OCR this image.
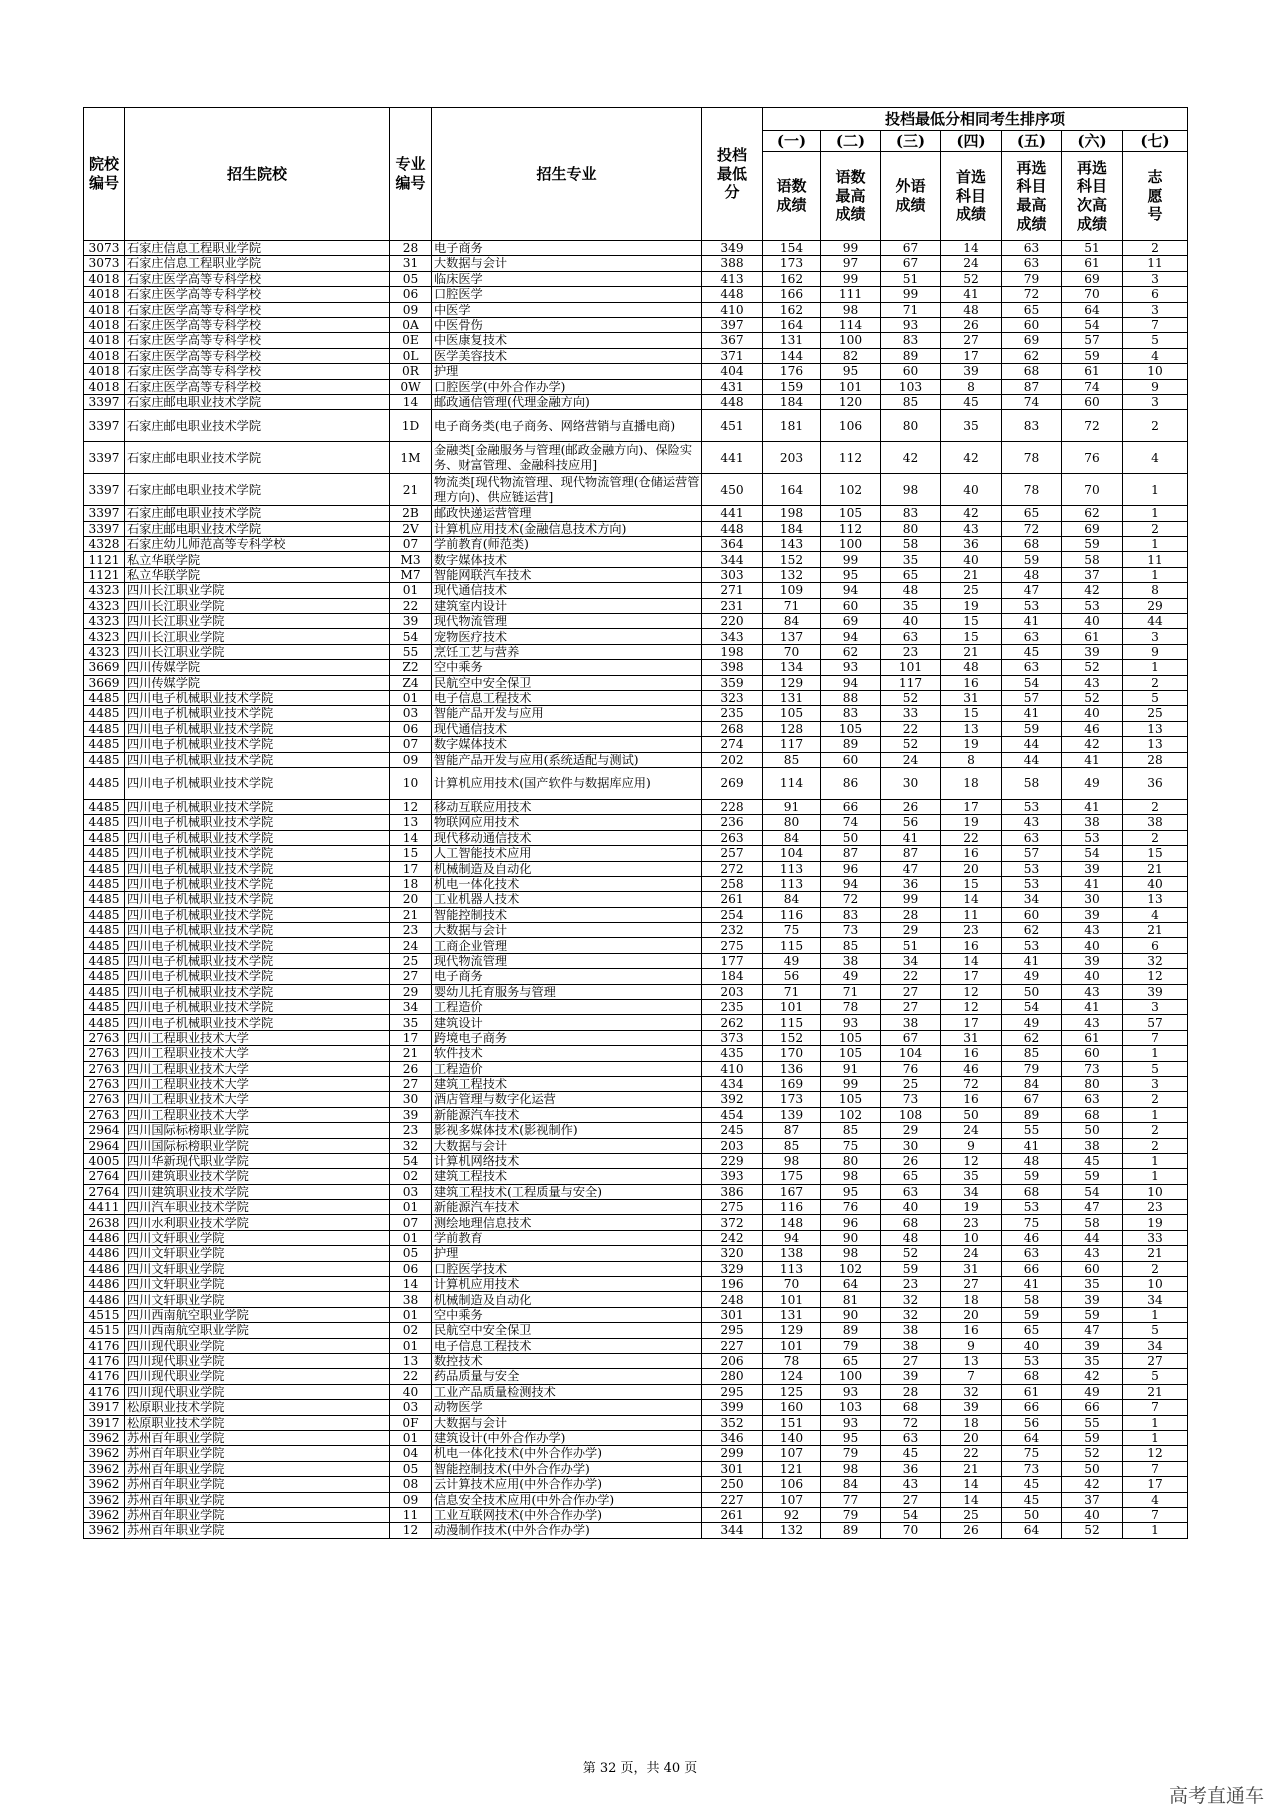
院校编号	招生院校	专业编号	招生专业	投档最低分	投档最低分相同考生排序项						
					(一)	(二)	(三)	(四)	(五)	(六)	(七)
					语数成绩	语数最高成绩	外语成绩	首选科目成绩	再选科目最高成绩	再选科目次高成绩	志愿号
3073	石家庄信息工程职业学院	28	电子商务	349	154	99	67	14	63	51	2
3073	石家庄信息工程职业学院	31	大数据与会计	388	173	97	67	24	63	61	11
4018	石家庄医学高等专科学校	05	临床医学	413	162	99	51	52	79	69	3
4018	石家庄医学高等专科学校	06	口腔医学	448	166	111	99	41	72	70	6
4018	石家庄医学高等专科学校	09	中医学	410	162	98	71	48	65	64	3
4018	石家庄医学高等专科学校	0A	中医骨伤	397	164	114	93	26	60	54	7
4018	石家庄医学高等专科学校	0E	中医康复技术	367	131	100	83	27	69	57	5
4018	石家庄医学高等专科学校	0L	医学美容技术	371	144	82	89	17	62	59	4
4018	石家庄医学高等专科学校	0R	护理	404	176	95	60	39	68	61	10
4018	石家庄医学高等专科学校	0W	口腔医学(中外合作办学)	431	159	101	103	8	87	74	9
3397	石家庄邮电职业技术学院	14	邮政通信管理(代理金融方向)	448	184	120	85	45	74	60	3
3397	石家庄邮电职业技术学院	1D	电子商务类(电子商务、网络营销与直播电商)	451	181	106	80	35	83	72	2
3397	石家庄邮电职业技术学院	1M	金融类[金融服务与管理(邮政金融方向)、保险实务、财富管理、金融科技应用]	441	203	112	42	42	78	76	4
3397	石家庄邮电职业技术学院	21	物流类[现代物流管理、现代物流管理(仓储运营管理方向)、供应链运营]	450	164	102	98	40	78	70	1
3397	石家庄邮电职业技术学院	2B	邮政快递运营管理	441	198	105	83	42	65	62	1
3397	石家庄邮电职业技术学院	2V	计算机应用技术(金融信息技术方向)	448	184	112	80	43	72	69	2
4328	石家庄幼儿师范高等专科学校	07	学前教育(师范类)	364	143	100	58	36	68	59	1
1121	私立华联学院	M3	数字媒体技术	344	152	99	35	40	59	58	11
1121	私立华联学院	M7	智能网联汽车技术	303	132	95	65	21	48	37	1
4323	四川长江职业学院	01	现代通信技术	271	109	94	48	25	47	42	8
4323	四川长江职业学院	22	建筑室内设计	231	71	60	35	19	53	53	29
4323	四川长江职业学院	39	现代物流管理	220	84	69	40	15	41	40	44
4323	四川长江职业学院	54	宠物医疗技术	343	137	94	63	15	63	61	3
4323	四川长江职业学院	55	烹饪工艺与营养	198	70	62	23	21	45	39	9
3669	四川传媒学院	Z2	空中乘务	398	134	93	101	48	63	52	1
3669	四川传媒学院	Z4	民航空中安全保卫	359	129	94	117	16	54	43	2
4485	四川电子机械职业技术学院	01	电子信息工程技术	323	131	88	52	31	57	52	5
4485	四川电子机械职业技术学院	03	智能产品开发与应用	235	105	83	33	15	41	40	25
4485	四川电子机械职业技术学院	06	现代通信技术	268	128	105	22	13	59	46	13
4485	四川电子机械职业技术学院	07	数字媒体技术	274	117	89	52	19	44	42	13
4485	四川电子机械职业技术学院	09	智能产品开发与应用(系统适配与测试)	202	85	60	24	8	44	41	28
4485	四川电子机械职业技术学院	10	计算机应用技术(国产软件与数据库应用)	269	114	86	30	18	58	49	36
4485	四川电子机械职业技术学院	12	移动互联应用技术	228	91	66	26	17	53	41	2
4485	四川电子机械职业技术学院	13	物联网应用技术	236	80	74	56	19	43	38	38
4485	四川电子机械职业技术学院	14	现代移动通信技术	263	84	50	41	22	63	53	2
4485	四川电子机械职业技术学院	15	人工智能技术应用	257	104	87	87	16	57	54	15
4485	四川电子机械职业技术学院	17	机械制造及自动化	272	113	96	47	20	53	39	21
4485	四川电子机械职业技术学院	18	机电一体化技术	258	113	94	36	15	53	41	40
4485	四川电子机械职业技术学院	20	工业机器人技术	261	84	72	99	14	34	30	13
4485	四川电子机械职业技术学院	21	智能控制技术	254	116	83	28	11	60	39	4
4485	四川电子机械职业技术学院	23	大数据与会计	232	75	73	29	23	62	43	21
4485	四川电子机械职业技术学院	24	工商企业管理	275	115	85	51	16	53	40	6
4485	四川电子机械职业技术学院	25	现代物流管理	177	49	38	34	14	41	39	32
4485	四川电子机械职业技术学院	27	电子商务	184	56	49	22	17	49	40	12
4485	四川电子机械职业技术学院	29	婴幼儿托育服务与管理	203	71	71	27	12	50	43	39
4485	四川电子机械职业技术学院	34	工程造价	235	101	78	27	12	54	41	3
4485	四川电子机械职业技术学院	35	建筑设计	262	115	93	38	17	49	43	57
2763	四川工程职业技术大学	17	跨境电子商务	373	152	105	67	31	62	61	7
2763	四川工程职业技术大学	21	软件技术	435	170	105	104	16	85	60	1
2763	四川工程职业技术大学	26	工程造价	410	136	91	76	46	79	73	5
2763	四川工程职业技术大学	27	建筑工程技术	434	169	99	25	72	84	80	3
2763	四川工程职业技术大学	30	酒店管理与数字化运营	392	173	105	73	16	67	63	2
2763	四川工程职业技术大学	39	新能源汽车技术	454	139	102	108	50	89	68	1
2964	四川国际标榜职业学院	23	影视多媒体技术(影视制作)	245	87	85	29	24	55	50	2
2964	四川国际标榜职业学院	32	大数据与会计	203	85	75	30	9	41	38	2
4005	四川华新现代职业学院	54	计算机网络技术	229	98	80	26	12	48	45	1
2764	四川建筑职业技术学院	02	建筑工程技术	393	175	98	65	35	59	59	1
2764	四川建筑职业技术学院	03	建筑工程技术(工程质量与安全)	386	167	95	63	34	68	54	10
4411	四川汽车职业技术学院	01	新能源汽车技术	275	116	76	40	19	53	47	23
2638	四川水利职业技术学院	07	测绘地理信息技术	372	148	96	68	23	75	58	19
4486	四川文轩职业学院	01	学前教育	242	94	90	48	10	46	44	33
4486	四川文轩职业学院	05	护理	320	138	98	52	24	63	43	21
4486	四川文轩职业学院	06	口腔医学技术	329	113	102	59	31	66	60	2
4486	四川文轩职业学院	14	计算机应用技术	196	70	64	23	27	41	35	10
4486	四川文轩职业学院	38	机械制造及自动化	248	101	81	32	18	58	39	34
4515	四川西南航空职业学院	01	空中乘务	301	131	90	32	20	59	59	1
4515	四川西南航空职业学院	02	民航空中安全保卫	295	129	89	38	16	65	47	5
4176	四川现代职业学院	01	电子信息工程技术	227	101	79	38	9	40	39	34
4176	四川现代职业学院	13	数控技术	206	78	65	27	13	53	35	27
4176	四川现代职业学院	22	药品质量与安全	280	124	100	39	7	68	42	5
4176	四川现代职业学院	40	工业产品质量检测技术	295	125	93	28	32	61	49	21
3917	松原职业技术学院	03	动物医学	399	160	103	68	39	66	66	7
3917	松原职业技术学院	0F	大数据与会计	352	151	93	72	18	56	55	1
3962	苏州百年职业学院	01	建筑设计(中外合作办学)	346	140	95	63	20	64	59	1
3962	苏州百年职业学院	04	机电一体化技术(中外合作办学)	299	107	79	45	22	75	52	12
3962	苏州百年职业学院	05	智能控制技术(中外合作办学)	301	121	98	36	21	73	50	7
3962	苏州百年职业学院	08	云计算技术应用(中外合作办学)	250	106	84	43	14	45	42	17
3962	苏州百年职业学院	09	信息安全技术应用(中外合作办学)	227	107	77	27	14	45	37	4
3962	苏州百年职业学院	11	工业互联网技术(中外合作办学)	261	92	79	54	25	50	40	7
3962	苏州百年职业学院	12	动漫制作技术(中外合作办学)	344	132	89	70	26	64	52	1
第 32 页，共 40 页
高考直通车
